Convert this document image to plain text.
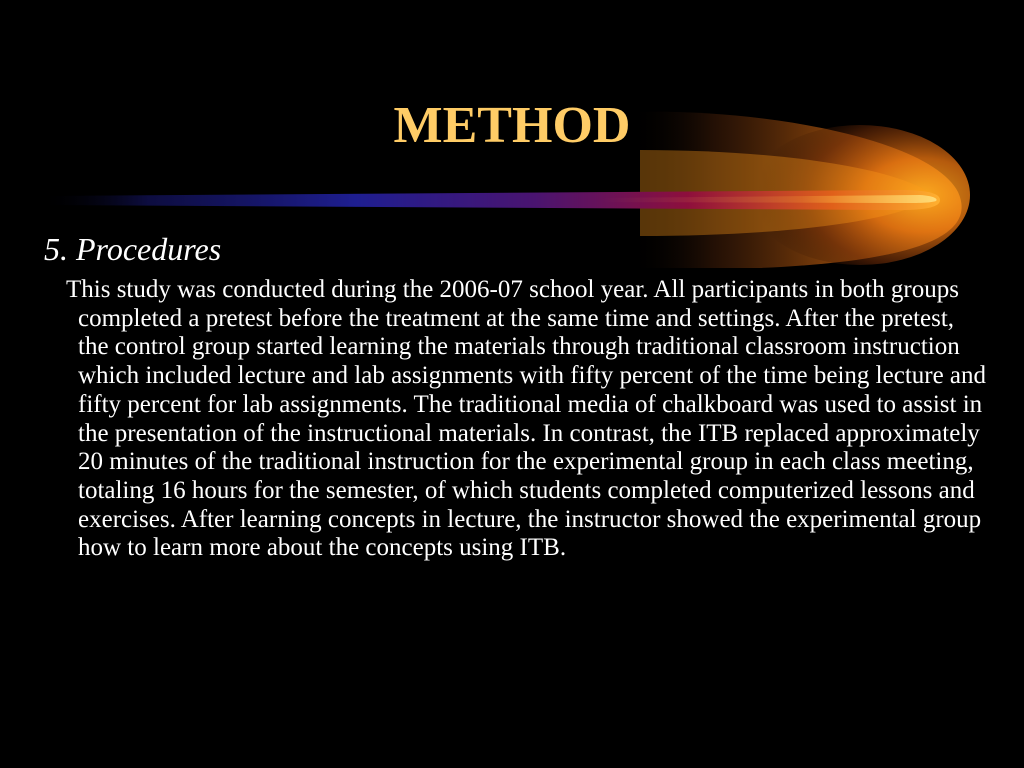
METHOD
5. Procedures

This study was conducted during the 2006-07 school year. All participants in both groups completed a pretest before the treatment at the same time and settings. After the pretest, the control group started learning the materials through traditional classroom instruction which included lecture and lab assignments with fifty percent of the time being lecture and fifty percent for lab assignments. The traditional media of chalkboard was used to assist in the presentation of the instructional materials. In contrast, the ITB replaced approximately 20 minutes of the traditional instruction for the experimental group in each class meeting, totaling 16 hours for the semester, of which students completed computerized lessons and exercises. After learning concepts in lecture, the instructor showed the experimental group how to learn more about the concepts using ITB.
